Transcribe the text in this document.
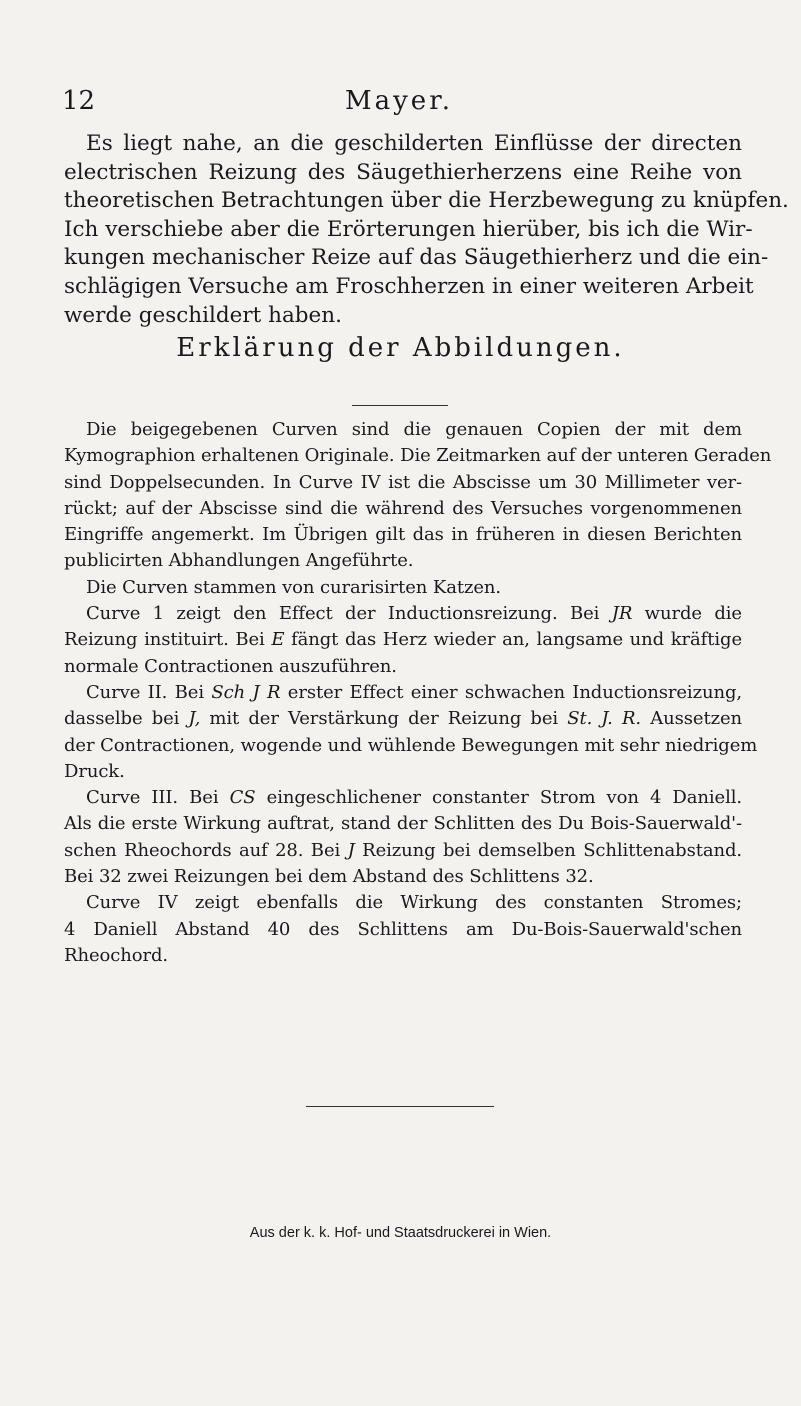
12	Mayer.
Es liegt nahe, an die geschilderten Einflüsse der directen
electrischen Reizung des Säugethierherzens eine Reihe von
theoretischen Betrachtungen über die Herzbewegung zu knüpfen.
Ich verschiebe aber die Erörterungen hierüber, bis ich die Wir-
kungen mechanischer Reize auf das Säugethierherz und die ein-
schlägigen Versuche am Froschherzen in einer weiteren Arbeit
werde geschildert haben.
Erklärung der Abbildungen.
Die beigegebenen Curven sind die genauen Copien der mit dem
Kymographion erhaltenen Originale. Die Zeitmarken auf der unteren Geraden
sind Doppelsecunden. In Curve IV ist die Abscisse um 30 Millimeter ver-
rückt; auf der Abscisse sind die während des Versuches vorgenommenen
Eingriffe angemerkt. Im Übrigen gilt das in früheren in diesen Berichten
publicirten Abhandlungen Angeführte.
Die Curven stammen von curarisirten Katzen.
Curve 1 zeigt den Effect der Inductionsreizung. Bei JR wurde die
Reizung instituirt. Bei E fängt das Herz wieder an, langsame und kräftige
normale Contractionen auszuführen.
Curve II. Bei Sch J R erster Effect einer schwachen Inductionsreizung,
dasselbe bei J, mit der Verstärkung der Reizung bei St. J. R. Aussetzen
der Contractionen, wogende und wühlende Bewegungen mit sehr niedrigem
Druck.
Curve III. Bei CS eingeschlichener constanter Strom von 4 Daniell.
Als die erste Wirkung auftrat, stand der Schlitten des Du Bois-Sauerwald'-
schen Rheochords auf 28. Bei J Reizung bei demselben Schlittenabstand.
Bei 32 zwei Reizungen bei dem Abstand des Schlittens 32.
Curve IV zeigt ebenfalls die Wirkung des constanten Stromes;
4 Daniell Abstand 40 des Schlittens am Du-Bois-Sauerwald'schen
Rheochord.
Aus der k. k. Hof- und Staatsdruckerei in Wien.
